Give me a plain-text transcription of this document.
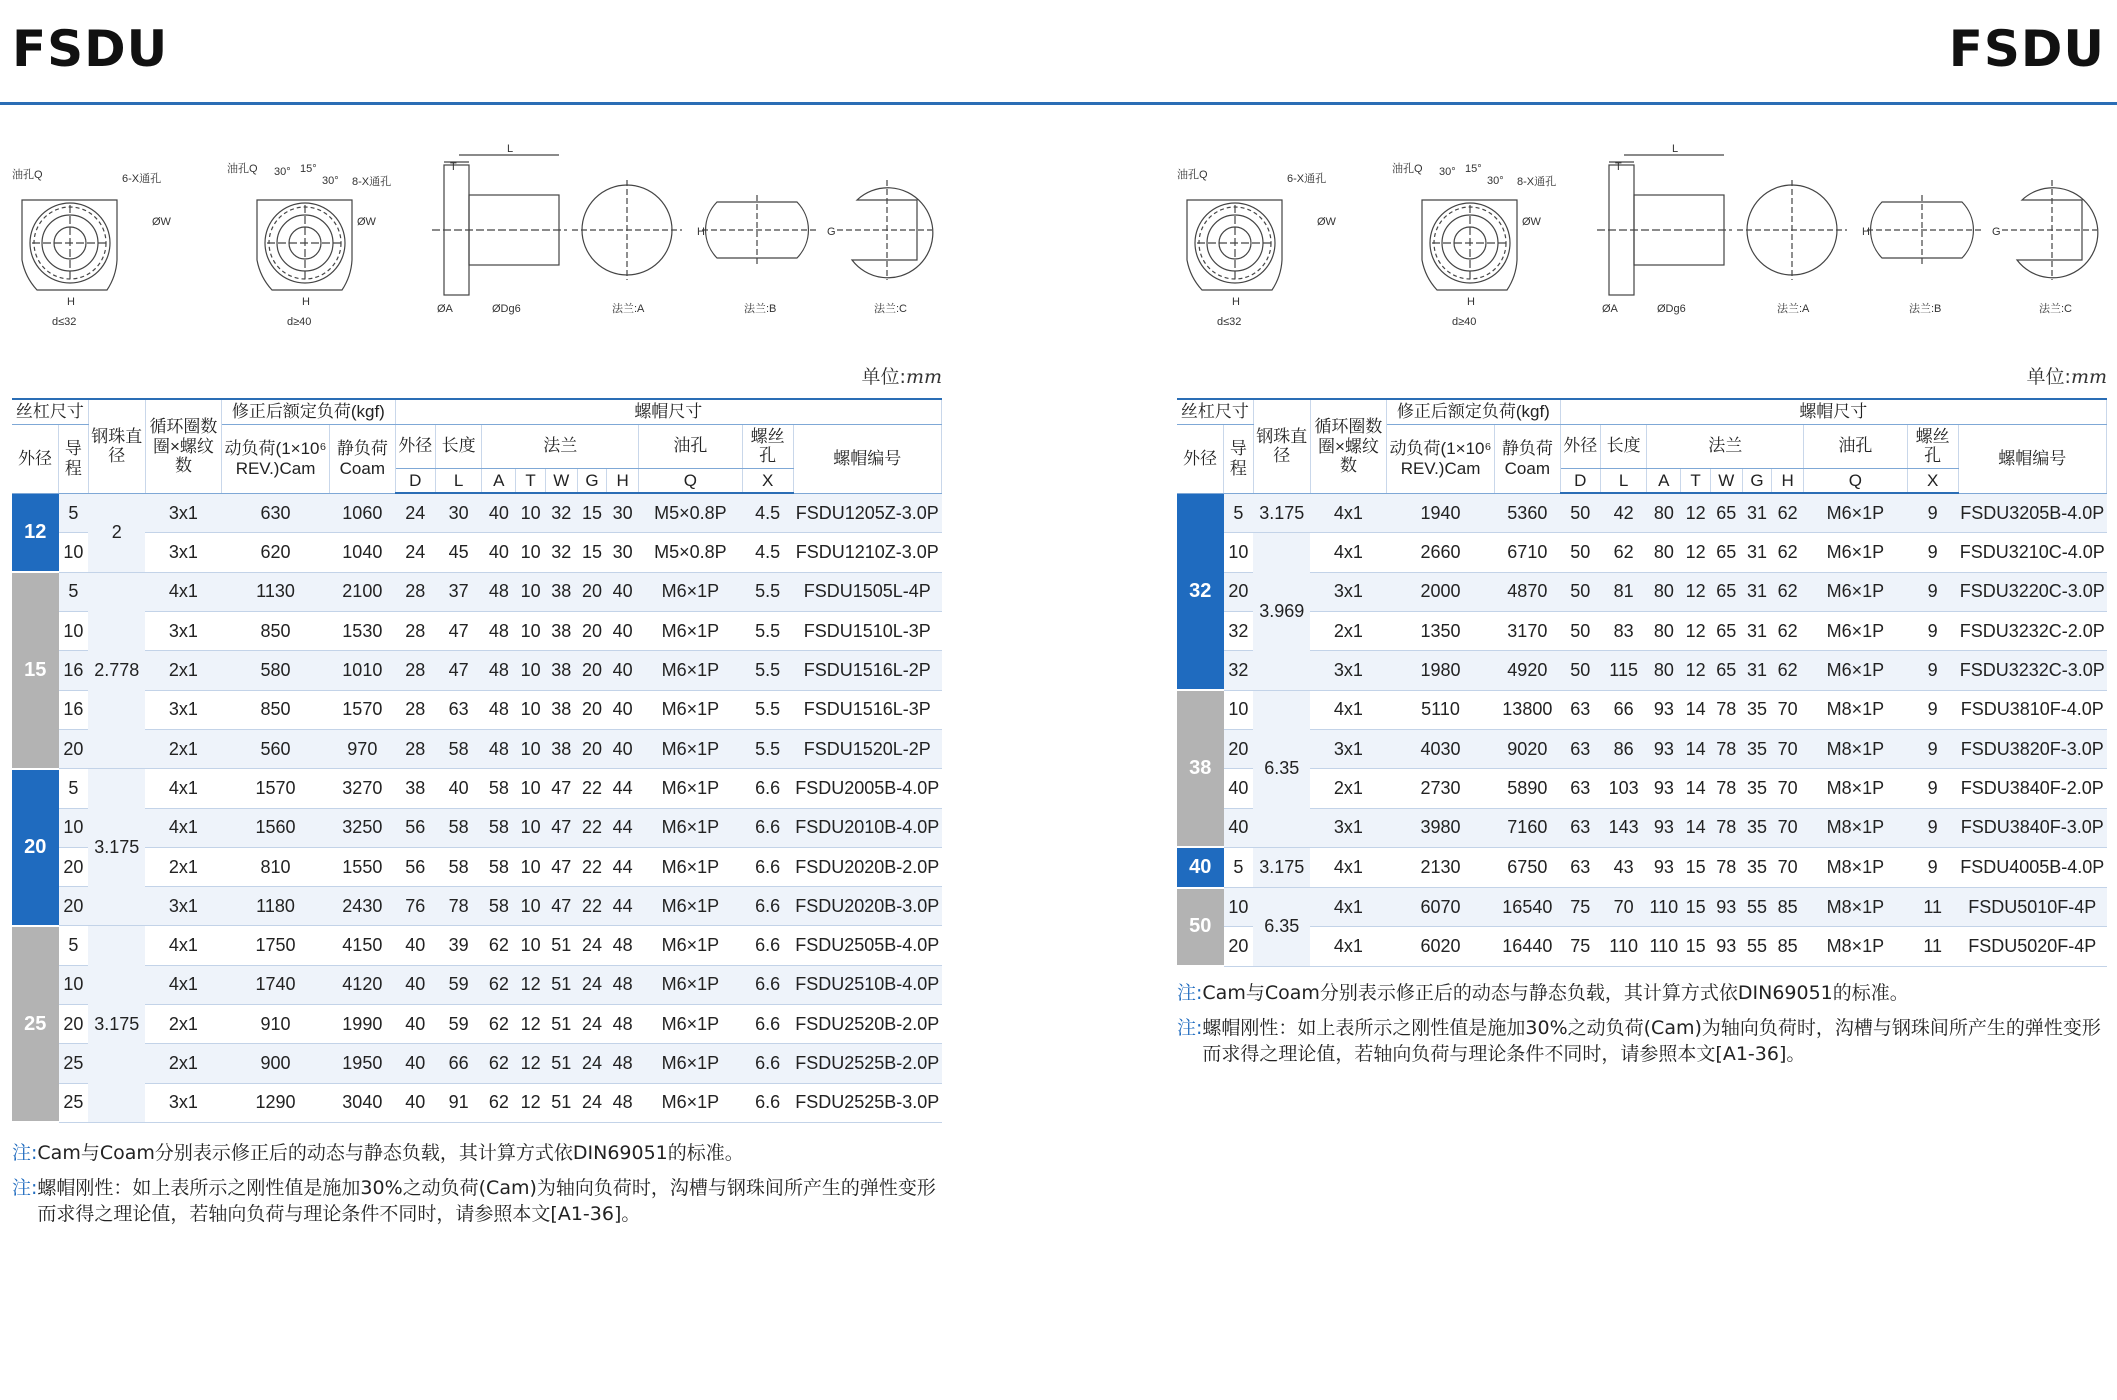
FSDU	FSDU
油孔Q	6-X通孔
ØW
H
d≤32
油孔Q 30° 15°
30° 8-X通孔
ØW
H
d≥40
L
T
ØA	ØDg6	法兰:A
H
法兰:B
G
法兰:C
单位:mm
丝杠尺寸		钢珠直径	循环圈数圈×螺纹数	修正后额定负荷(kgf)		螺帽尺寸									
外径	导程			动负荷(1×10⁶ REV.)Cam	静负荷Coam	外径	长度	法兰					油孔	螺丝孔	螺帽编号
						D	L	A	T	W	G	H	Q	X	
12	5	2	3x1	630	1060	24	30	40	10	32	15	30	M5×0.8P	4.5	FSDU1205Z-3.0P
	10		3x1	620	1040	24	45	40	10	32	15	30	M5×0.8P	4.5	FSDU1210Z-3.0P
15	5	2.778	4x1	1130	2100	28	37	48	10	38	20	40	M6×1P	5.5	FSDU1505L-4P
	10		3x1	850	1530	28	47	48	10	38	20	40	M6×1P	5.5	FSDU1510L-3P
	16		2x1	580	1010	28	47	48	10	38	20	40	M6×1P	5.5	FSDU1516L-2P
	16		3x1	850	1570	28	63	48	10	38	20	40	M6×1P	5.5	FSDU1516L-3P
	20		2x1	560	970	28	58	48	10	38	20	40	M6×1P	5.5	FSDU1520L-2P
20	5	3.175	4x1	1570	3270	38	40	58	10	47	22	44	M6×1P	6.6	FSDU2005B-4.0P
	10		4x1	1560	3250	56	58	58	10	47	22	44	M6×1P	6.6	FSDU2010B-4.0P
	20		2x1	810	1550	56	58	58	10	47	22	44	M6×1P	6.6	FSDU2020B-2.0P
	20		3x1	1180	2430	76	78	58	10	47	22	44	M6×1P	6.6	FSDU2020B-3.0P
25	5	3.175	4x1	1750	4150	40	39	62	10	51	24	48	M6×1P	6.6	FSDU2505B-4.0P
	10		4x1	1740	4120	40	59	62	12	51	24	48	M6×1P	6.6	FSDU2510B-4.0P
	20		2x1	910	1990	40	59	62	12	51	24	48	M6×1P	6.6	FSDU2520B-2.0P
	25		2x1	900	1950	40	66	62	12	51	24	48	M6×1P	6.6	FSDU2525B-2.0P
	25		3x1	1290	3040	40	91	62	12	51	24	48	M6×1P	6.6	FSDU2525B-3.0P
注: Cam与Coam分别表示修正后的动态与静态负载，其计算方式依DIN69051的标准。
注: 螺帽刚性：如上表所示之刚性值是施加30%之动负荷(Cam)为轴向负荷时，沟槽与钢珠间所产生的弹性变形而求得之理论值，若轴向负荷与理论条件不同时，请参照本文[A1-36]。
油孔Q	6-X通孔
ØW
H
d≤32
油孔Q 30° 15°
30° 8-X通孔
ØW
H
d≥40
L
T
ØA	ØDg6	法兰:A
H
法兰:B
G
法兰:C
单位:mm
丝杠尺寸		钢珠直径	循环圈数圈×螺纹数	修正后额定负荷(kgf)		螺帽尺寸									
外径	导程			动负荷(1×10⁶ REV.)Cam	静负荷Coam	外径	长度	法兰					油孔	螺丝孔	螺帽编号
						D	L	A	T	W	G	H	Q	X	
32	5	3.175	4x1	1940	5360	50	42	80	12	65	31	62	M6×1P	9	FSDU3205B-4.0P
	10	3.969	4x1	2660	6710	50	62	80	12	65	31	62	M6×1P	9	FSDU3210C-4.0P
	20		3x1	2000	4870	50	81	80	12	65	31	62	M6×1P	9	FSDU3220C-3.0P
	32		2x1	1350	3170	50	83	80	12	65	31	62	M6×1P	9	FSDU3232C-2.0P
	32		3x1	1980	4920	50	115	80	12	65	31	62	M6×1P	9	FSDU3232C-3.0P
38	10	6.35	4x1	5110	13800	63	66	93	14	78	35	70	M8×1P	9	FSDU3810F-4.0P
	20		3x1	4030	9020	63	86	93	14	78	35	70	M8×1P	9	FSDU3820F-3.0P
	40		2x1	2730	5890	63	103	93	14	78	35	70	M8×1P	9	FSDU3840F-2.0P
	40		3x1	3980	7160	63	143	93	14	78	35	70	M8×1P	9	FSDU3840F-3.0P
40	5	3.175	4x1	2130	6750	63	43	93	15	78	35	70	M8×1P	9	FSDU4005B-4.0P
50	10	6.35	4x1	6070	16540	75	70	110	15	93	55	85	M8×1P	11	FSDU5010F-4P
	20		4x1	6020	16440	75	110	110	15	93	55	85	M8×1P	11	FSDU5020F-4P
注: Cam与Coam分别表示修正后的动态与静态负载，其计算方式依DIN69051的标准。
注: 螺帽刚性：如上表所示之刚性值是施加30%之动负荷(Cam)为轴向负荷时，沟槽与钢珠间所产生的弹性变形而求得之理论值，若轴向负荷与理论条件不同时，请参照本文[A1-36]。
